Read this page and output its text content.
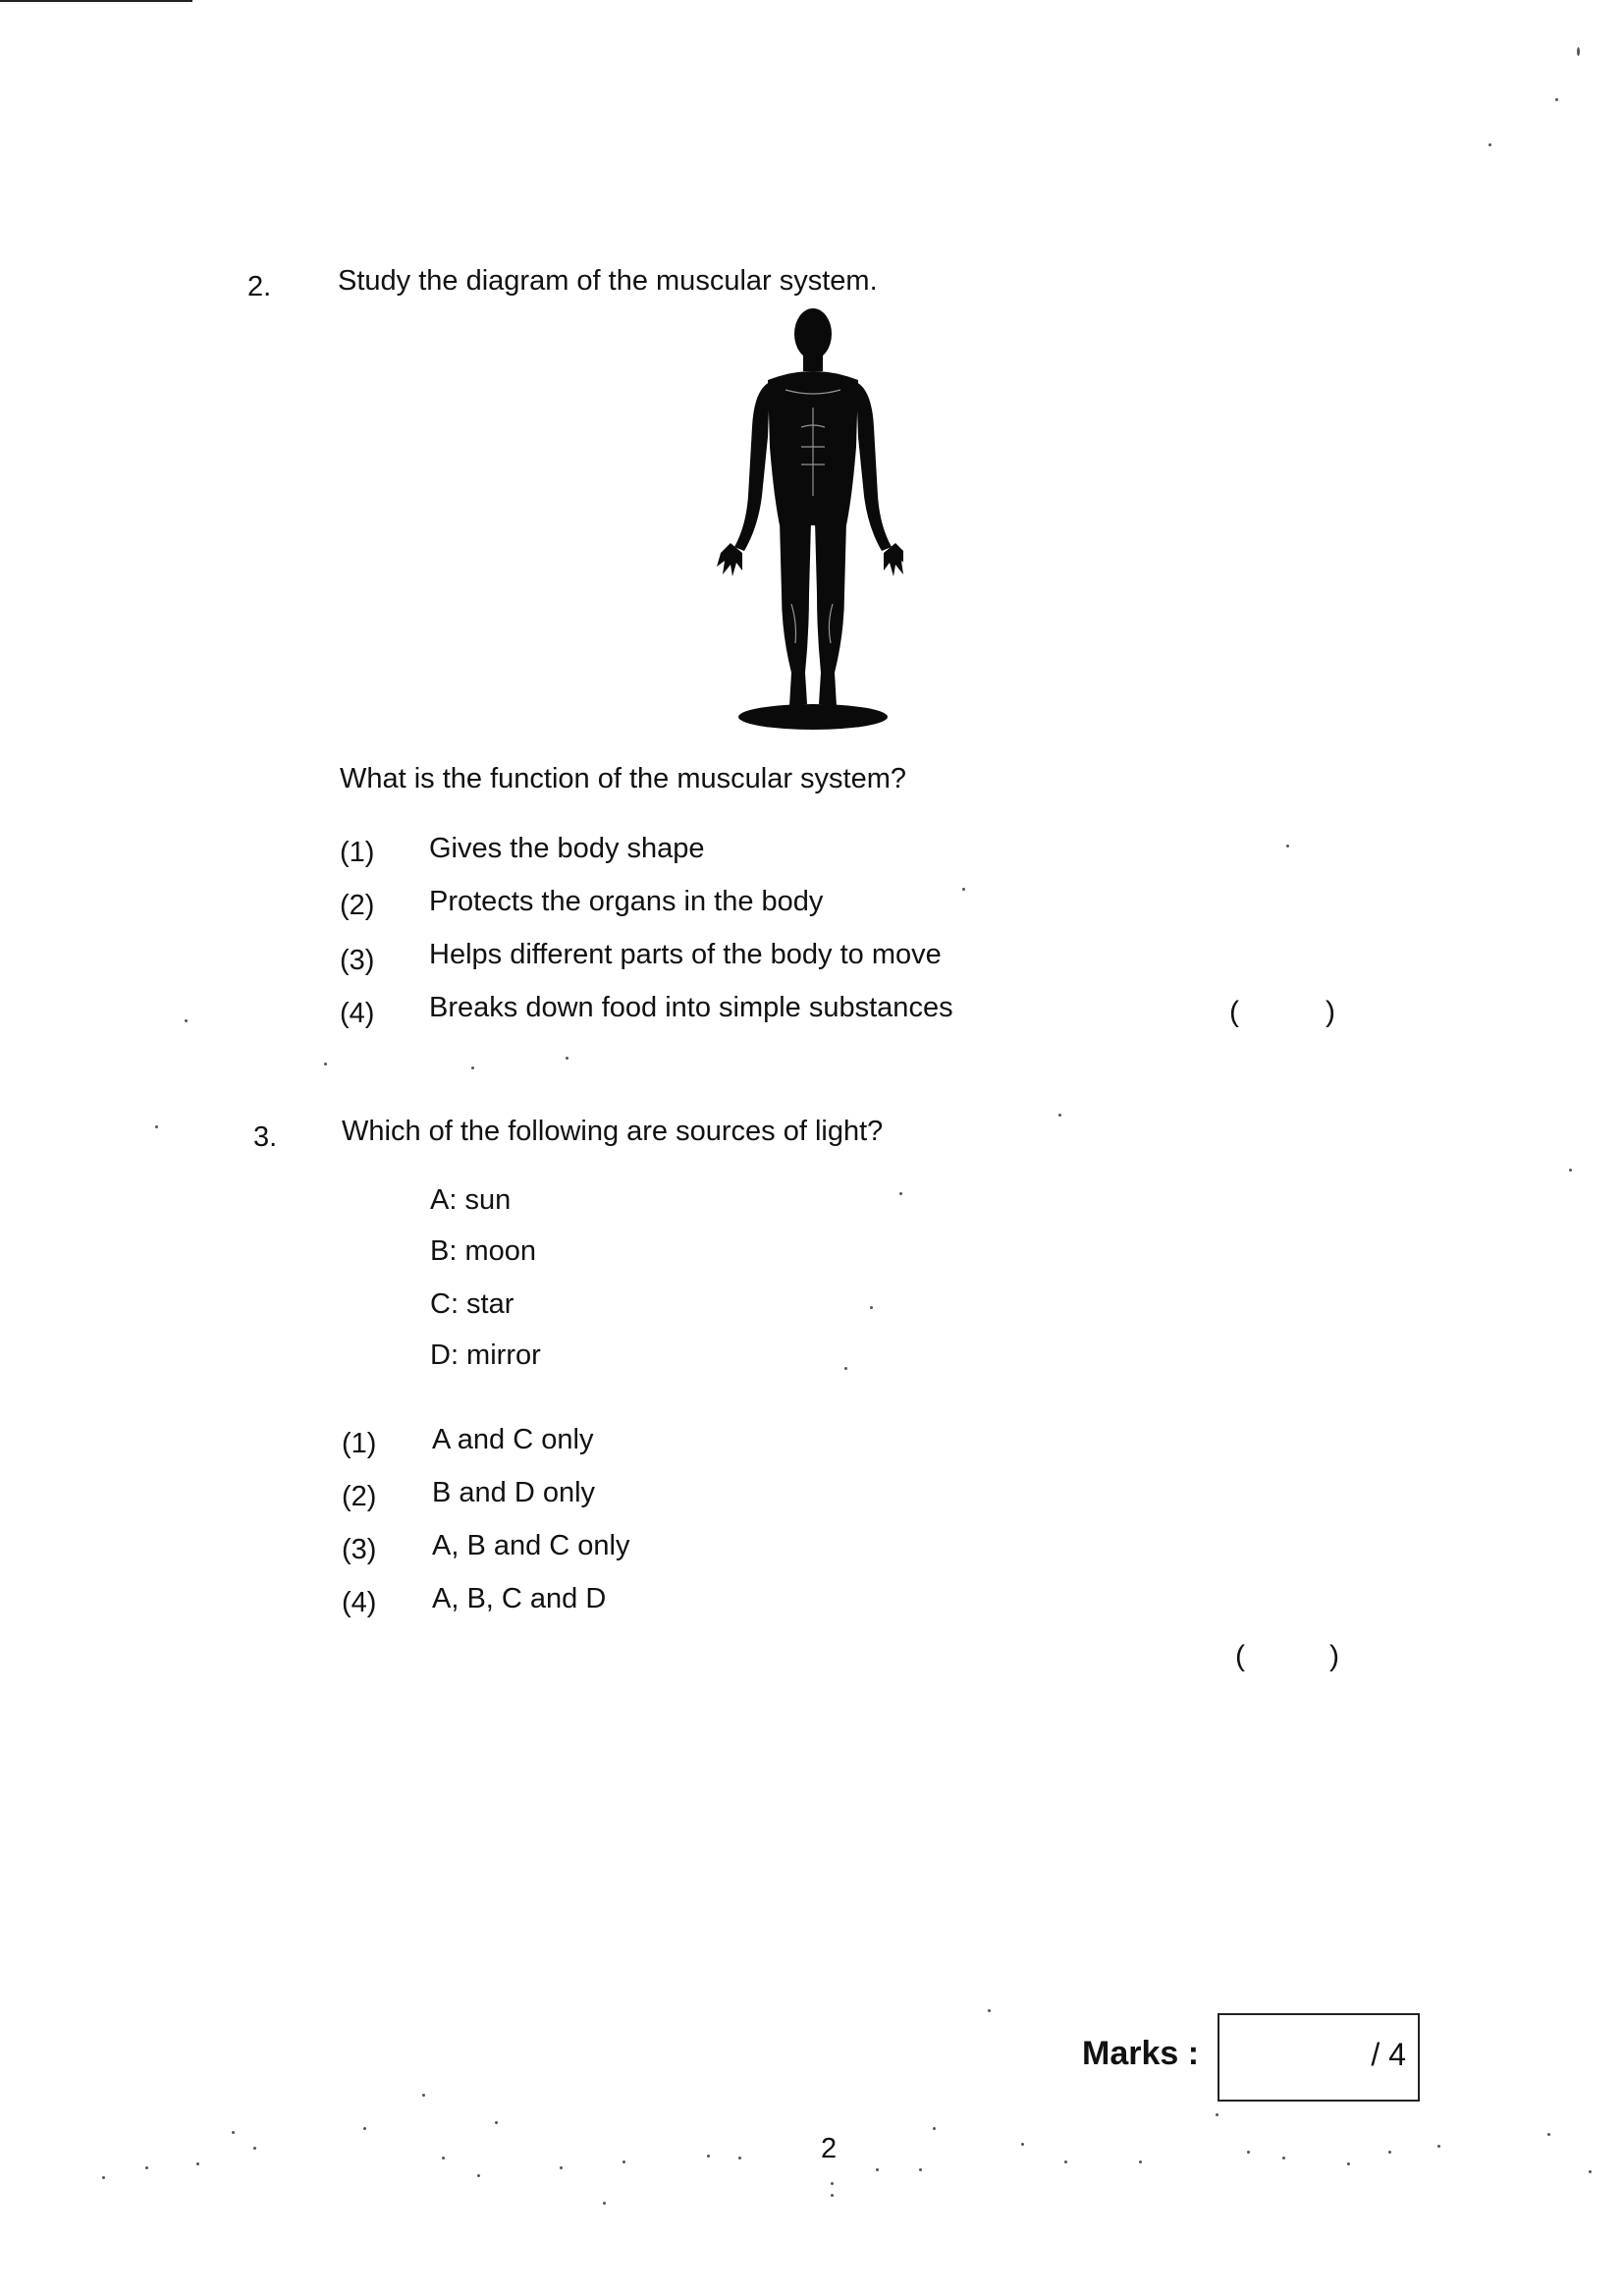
2. Study the diagram of the muscular system.
What is the function of the muscular system?
(1) Gives the body shape
(2) Protects the organs in the body
(3) Helps different parts of the body to move
(4) Breaks down food into simple substances	(	)
3. Which of the following are sources of light?
A: sun
B: moon
C: star
D: mirror
(1) A and C only
(2) B and D only
(3) A, B and C only
(4) A, B, C and D
(	)
Marks :	/ 4
2
